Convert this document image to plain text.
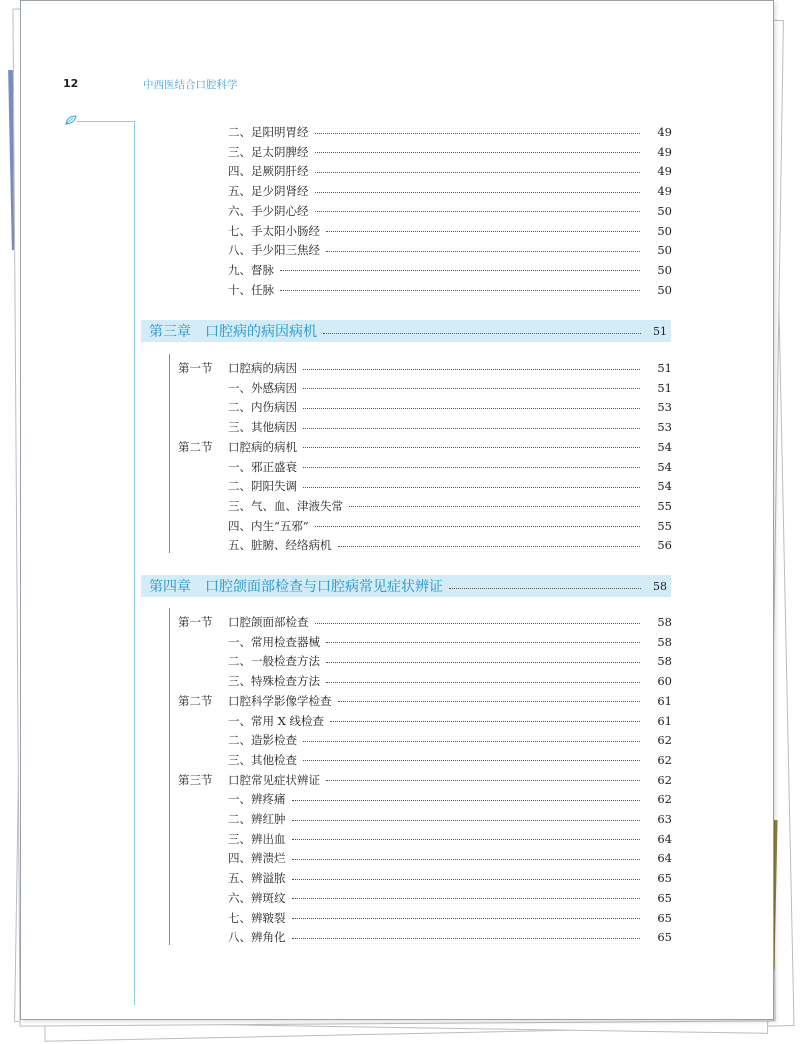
12	中西医结合口腔科学
二、足阳明胃经	49
三、足太阴脾经	49
四、足厥阴肝经	49
五、足少阴肾经	49
六、手少阴心经	50
七、手太阳小肠经	50
八、手少阳三焦经	50
九、督脉	50
十、任脉	50
第三章　口腔病的病因病机	51
第一节	口腔病的病因	51
一、外感病因	51
二、内伤病因	53
三、其他病因	53
第二节	口腔病的病机	54
一、邪正盛衰	54
二、阴阳失调	54
三、气、血、津液失常	55
四、内生“五邪”	55
五、脏腑、经络病机	56
第四章　口腔颌面部检查与口腔病常见症状辨证	58
第一节	口腔颌面部检查	58
一、常用检查器械	58
二、一般检查方法	58
三、特殊检查方法	60
第二节	口腔科学影像学检查	61
一、常用 X 线检查	61
二、造影检查	62
三、其他检查	62
第三节	口腔常见症状辨证	62
一、辨疼痛	62
二、辨红肿	63
三、辨出血	64
四、辨溃烂	64
五、辨溢脓	65
六、辨斑纹	65
七、辨皲裂	65
八、辨角化	65
